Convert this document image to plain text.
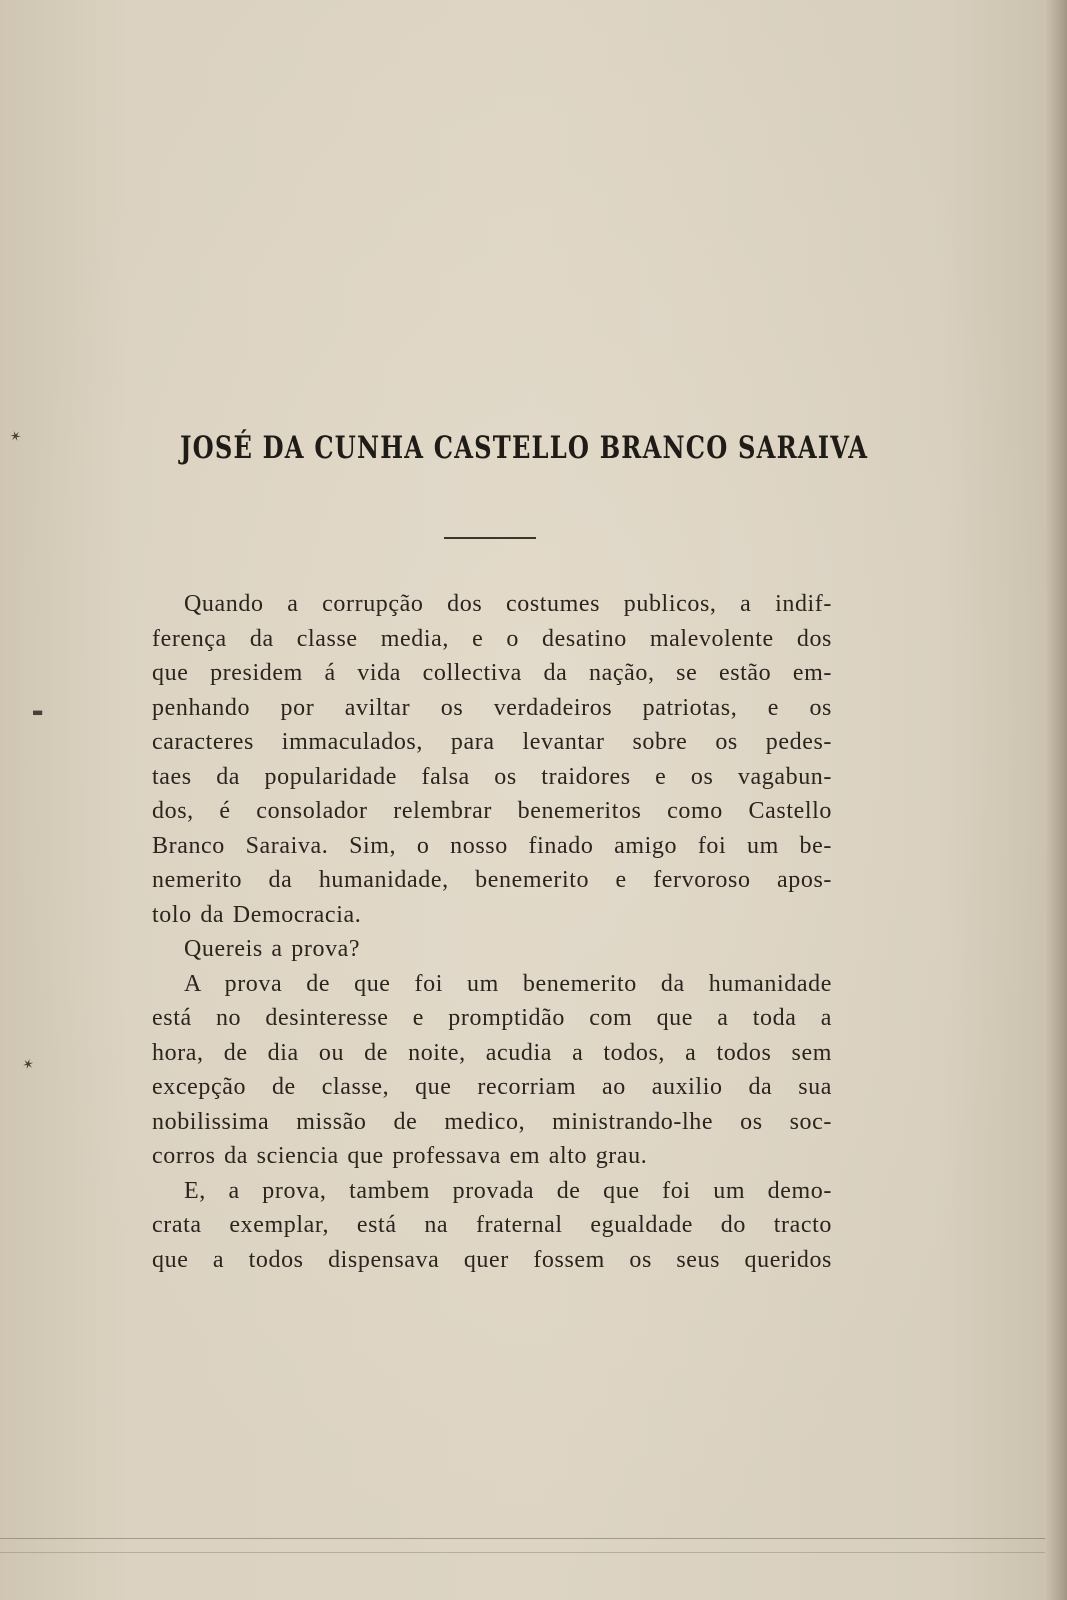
✶
▬
✶
JOSÉ DA CUNHA CASTELLO BRANCO SARAIVA
Quando a corrupção dos costumes publicos, a indif-
ferença da classe media, e o desatino malevolente dos
que presidem á vida collectiva da nação, se estão em-
penhando por aviltar os verdadeiros patriotas, e os
caracteres immaculados, para levantar sobre os pedes-
taes da popularidade falsa os traidores e os vagabun-
dos, é consolador relembrar benemeritos como Castello
Branco Saraiva. Sim, o nosso finado amigo foi um be-
nemerito da humanidade, benemerito e fervoroso apos-
tolo da Democracia.
Quereis a prova?
A prova de que foi um benemerito da humanidade
está no desinteresse e promptidão com que a toda a
hora, de dia ou de noite, acudia a todos, a todos sem
excepção de classe, que recorriam ao auxilio da sua
nobilissima missão de medico, ministrando-lhe os soc-
corros da sciencia que professava em alto grau.
E, a prova, tambem provada de que foi um demo-
crata exemplar, está na fraternal egualdade do tracto
que a todos dispensava quer fossem os seus queridos
